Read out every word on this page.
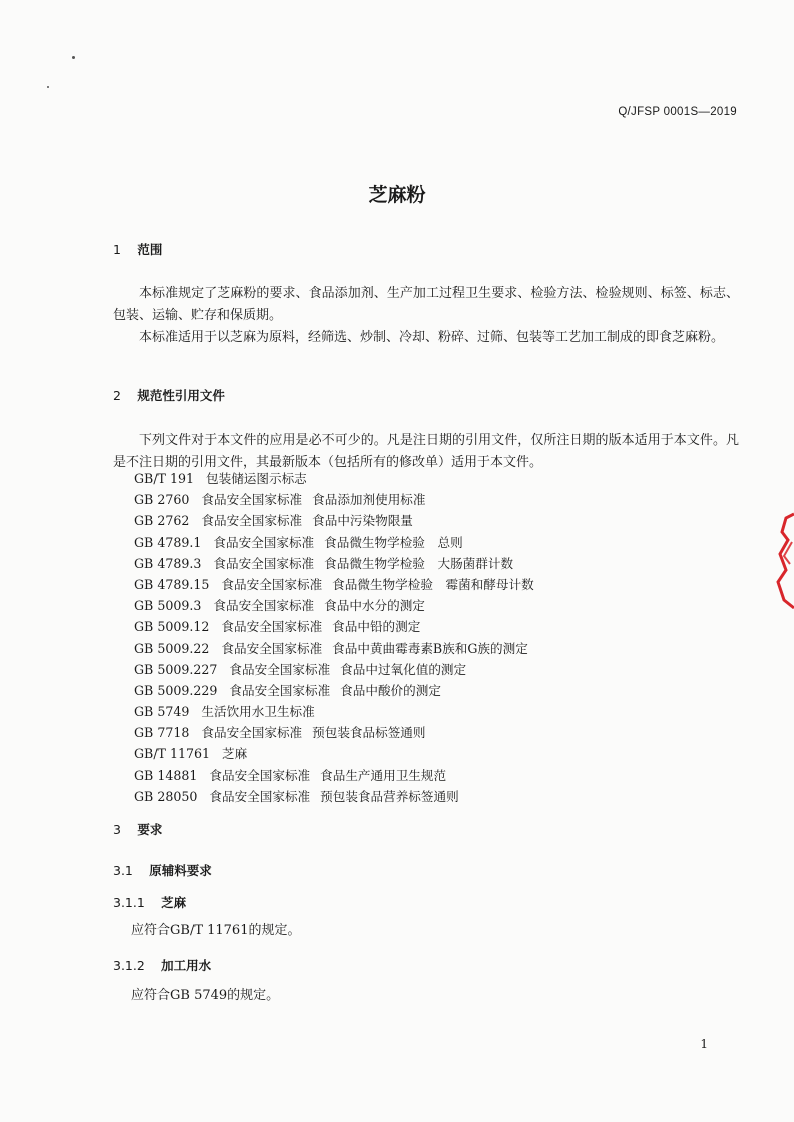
Q/JFSP 0001S—2019
芝麻粉
1 范围
本标准规定了芝麻粉的要求、食品添加剂、生产加工过程卫生要求、检验方法、检验规则、标签、标志、包装、运输、贮存和保质期。
本标准适用于以芝麻为原料，经筛选、炒制、冷却、粉碎、过筛、包装等工艺加工制成的即食芝麻粉。
2 规范性引用文件
下列文件对于本文件的应用是必不可少的。凡是注日期的引用文件，仅所注日期的版本适用于本文件。凡是不注日期的引用文件，其最新版本（包括所有的修改单）适用于本文件。
GB/T 191 包装储运图示标志
GB 2760 食品安全国家标准 食品添加剂使用标准
GB 2762 食品安全国家标准 食品中污染物限量
GB 4789.1 食品安全国家标准 食品微生物学检验　总则
GB 4789.3 食品安全国家标准 食品微生物学检验　大肠菌群计数
GB 4789.15 食品安全国家标准 食品微生物学检验　霉菌和酵母计数
GB 5009.3 食品安全国家标准 食品中水分的测定
GB 5009.12 食品安全国家标准 食品中铅的测定
GB 5009.22 食品安全国家标准 食品中黄曲霉毒素B族和G族的测定
GB 5009.227 食品安全国家标准 食品中过氧化值的测定
GB 5009.229 食品安全国家标准 食品中酸价的测定
GB 5749 生活饮用水卫生标准
GB 7718 食品安全国家标准 预包装食品标签通则
GB/T 11761 芝麻
GB 14881 食品安全国家标准 食品生产通用卫生规范
GB 28050 食品安全国家标准 预包装食品营养标签通则
3 要求
3.1 原辅料要求
3.1.1 芝麻
应符合GB/T 11761的规定。
3.1.2 加工用水
应符合GB 5749的规定。
1
